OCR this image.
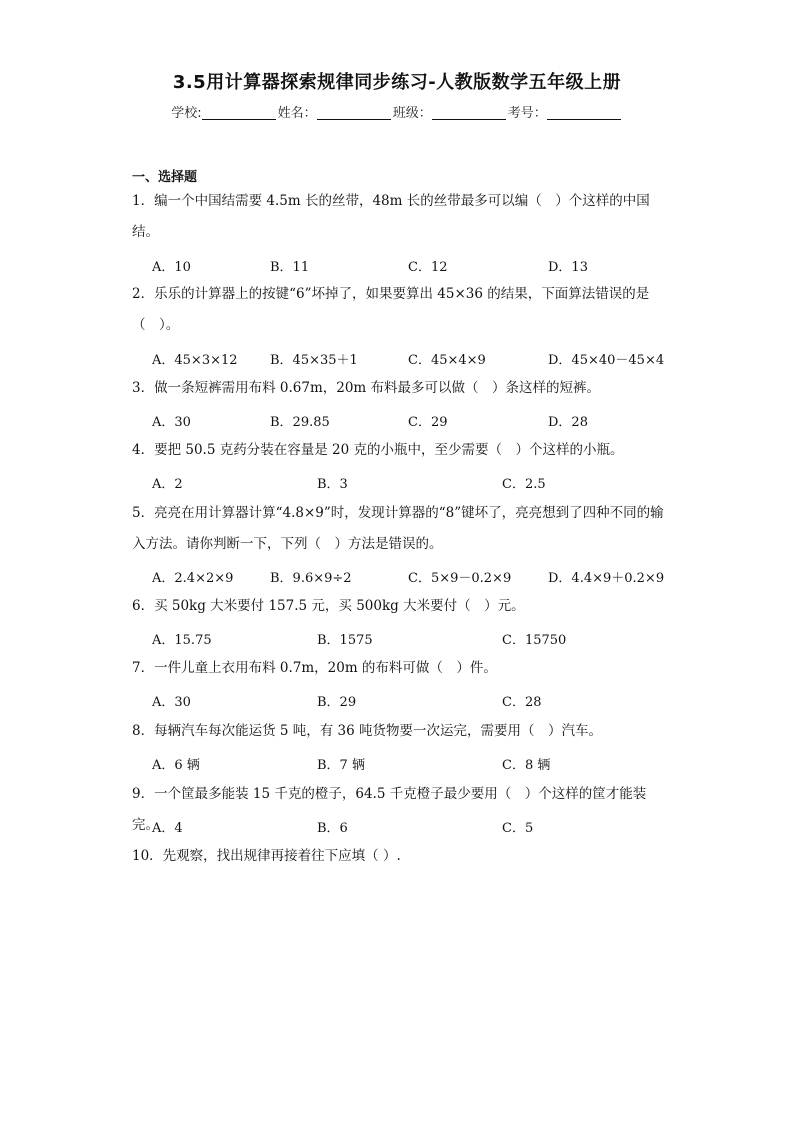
3.5用计算器探索规律同步练习-人教版数学五年级上册
学校:	姓名：	班级：	考号：
一、选择题
1．编一个中国结需要 4.5m 长的丝带，48m 长的丝带最多可以编（　）个这样的中国结。
A．10	B．11	C．12	D．13
2．乐乐的计算器上的按键“6”坏掉了，如果要算出 45×36 的结果，下面算法错误的是（　）。
A．45×3×12 B．45×35＋1	C．45×4×9	D．45×40－45×4
3．做一条短裤需用布料 0.67m，20m 布料最多可以做（　）条这样的短裤。
A．30	B．29.85	C．29	D．28
4．要把 50.5 克药分装在容量是 20 克的小瓶中，至少需要（　）个这样的小瓶。
A．2	B．3	C．2.5
5．亮亮在用计算器计算“4.8×9”时，发现计算器的“8”键坏了，亮亮想到了四种不同的输入方法。请你判断一下，下列（　）方法是错误的。
A．2.4×2×9	B．9.6×9÷2	C．5×9－0.2×9	D．4.4×9＋0.2×9
6．买 50kg 大米要付 157.5 元，买 500kg 大米要付（　）元。
A．15.75	B．1575	C．15750
7．一件儿童上衣用布料 0.7m，20m 的布料可做（　）件。
A．30	B．29	C．28
8．每辆汽车每次能运货 5 吨，有 36 吨货物要一次运完，需要用（　）汽车。
A．6 辆	B．7 辆	C．8 辆
9．一个筐最多能装 15 千克的橙子，64.5 千克橙子最少要用（　）个这样的筐才能装完。
A．4	B．6	C．5
10．先观察，找出规律再接着往下应填（ ）.
